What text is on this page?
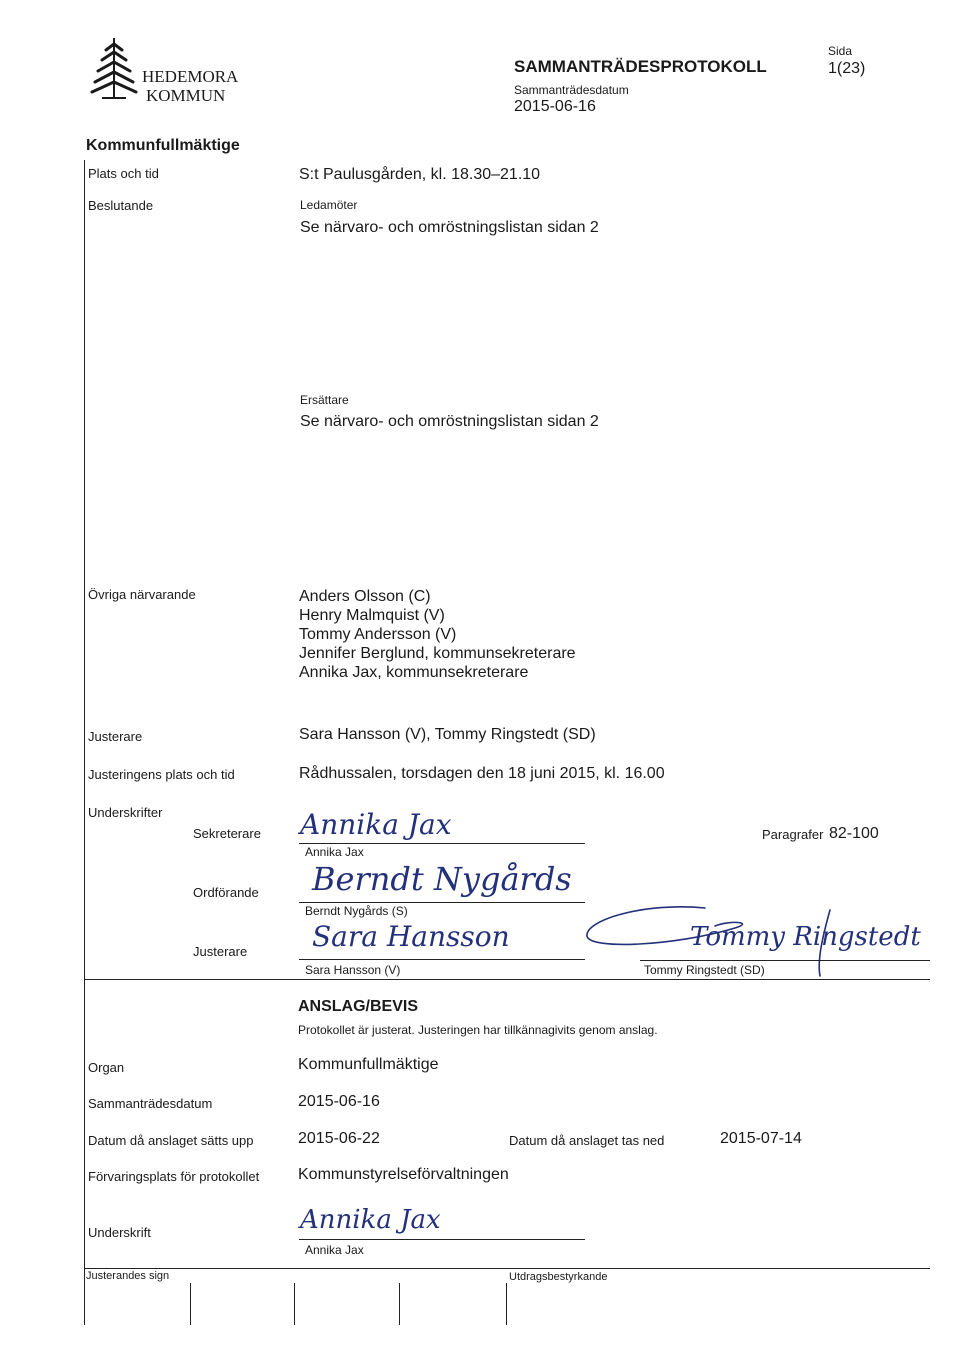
HEDEMORA
KOMMUN
SAMMANTRÄDESPROTOKOLL
Sammanträdesdatum
2015-06-16
Sida
1(23)
Kommunfullmäktige
Plats och tid	S:t Paulusgården, kl. 18.30–21.10
Beslutande	Ledamöter
Se närvaro- och omröstningslistan sidan 2
Ersättare
Se närvaro- och omröstningslistan sidan 2
Övriga närvarande	Anders Olsson (C)
Henry Malmquist (V)
Tommy Andersson (V)
Jennifer Berglund, kommunsekreterare
Annika Jax, kommunsekreterare
Justerare	Sara Hansson (V), Tommy Ringstedt (SD)
Justeringens plats och tid	Rådhussalen, torsdagen den 18 juni 2015, kl. 16.00
Underskrifter
Sekreterare Annika Jax
Annika Jax
Paragrafer 82-100
Ordförande Berndt Nygårds
Berndt Nygårds (S)
Justerare Sara Hansson
Sara Hansson (V)
Tommy Ringstedt
Tommy Ringstedt (SD)
ANSLAG/BEVIS
Protokollet är justerat. Justeringen har tillkännagivits genom anslag.
Organ	Kommunfullmäktige
Sammanträdesdatum	2015-06-16
Datum då anslaget sätts upp	2015-06-22	Datum då anslaget tas ned	2015-07-14
Förvaringsplats för protokollet Kommunstyrelseförvaltningen
Underskrift	Annika Jax
Annika Jax
Justerandes sign	Utdragsbestyrkande
